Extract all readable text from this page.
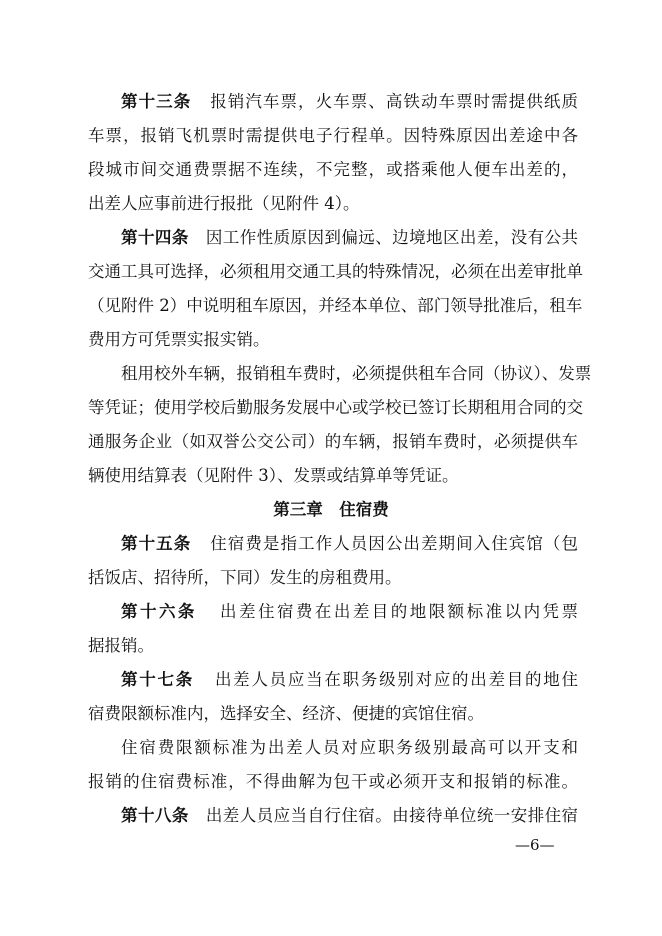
第十三条 报销汽车票，火车票、高铁动车票时需提供纸质
车票，报销飞机票时需提供电子行程单。因特殊原因出差途中各
段城市间交通费票据不连续，不完整，或搭乘他人便车出差的，
出差人应事前进行报批（见附件 4）。
第十四条 因工作性质原因到偏远、边境地区出差，没有公共
交通工具可选择，必须租用交通工具的特殊情况，必须在出差审批单
（见附件 2）中说明租车原因，并经本单位、部门领导批准后，租车
费用方可凭票实报实销。
租用校外车辆，报销租车费时，必须提供租车合同（协议）、发票
等凭证；使用学校后勤服务发展中心或学校已签订长期租用合同的交
通服务企业（如双誉公交公司）的车辆，报销车费时，必须提供车
辆使用结算表（见附件 3）、发票或结算单等凭证。
第三章　住宿费
第十五条 住宿费是指工作人员因公出差期间入住宾馆（包
括饭店、招待所，下同）发生的房租费用。
第十六条 出差住宿费在出差目的地限额标准以内凭票
据报销。
第十七条 出差人员应当在职务级别对应的出差目的地住
宿费限额标准内，选择安全、经济、便捷的宾馆住宿。
住宿费限额标准为出差人员对应职务级别最高可以开支和
报销的住宿费标准，不得曲解为包干或必须开支和报销的标准。
第十八条 出差人员应当自行住宿。由接待单位统一安排住宿
—6—
